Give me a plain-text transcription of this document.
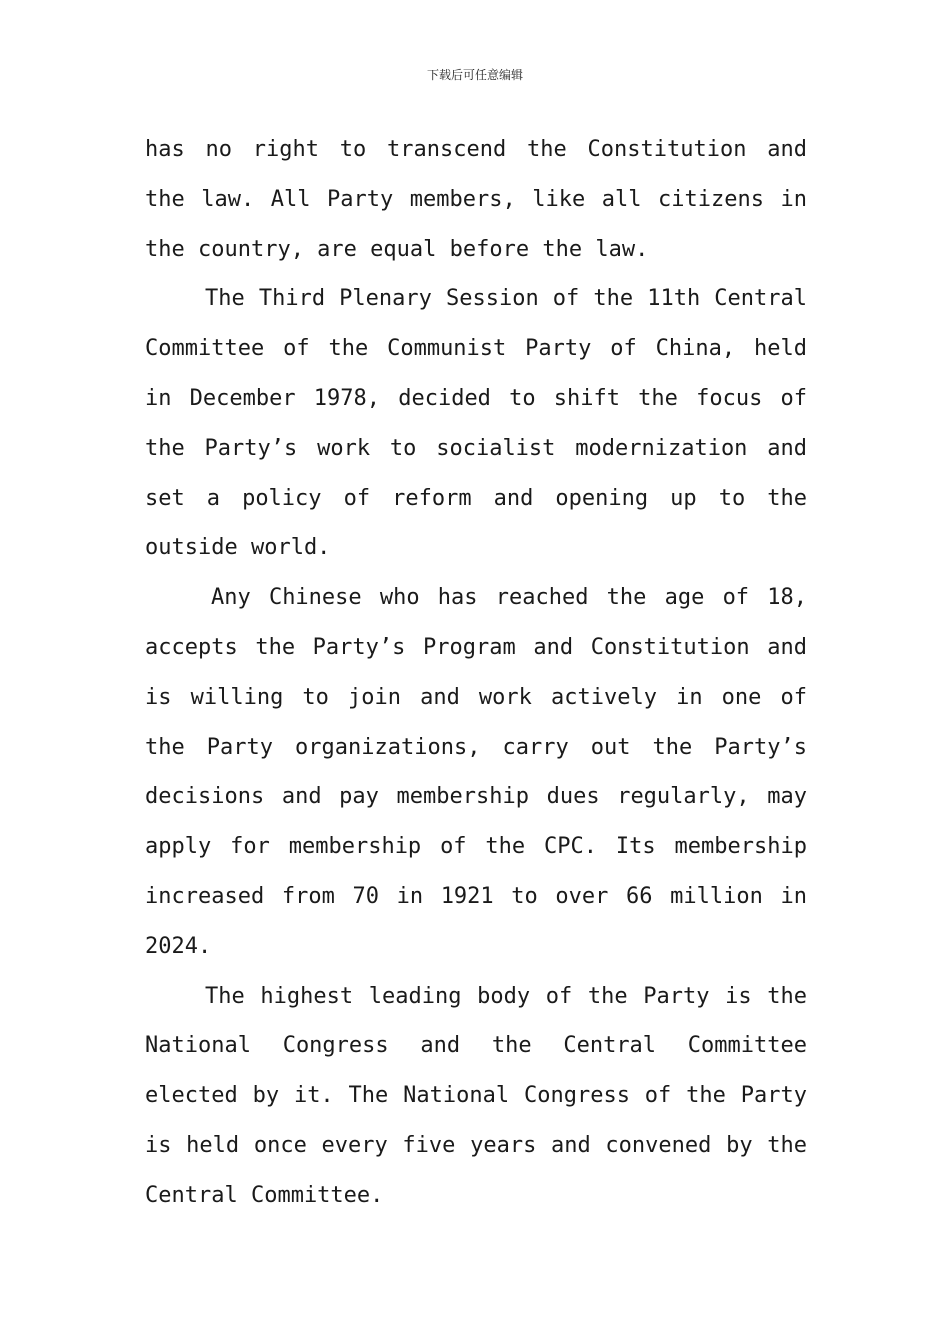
下载后可任意编辑

has no right to transcend the Constitution and the law. All Party members, like all citizens in the country, are equal before the law.

The Third Plenary Session of the 11th Central Committee of the Communist Party of China, held in December 1978, decided to shift the focus of the Party’s work to socialist modernization and set a policy of reform and opening up to the outside world.

Any Chinese who has reached the age of 18, accepts the Party’s Program and Constitution and is willing to join and work actively in one of the Party organizations, carry out the Party’s decisions and pay membership dues regularly, may apply for membership of the CPC. Its membership increased from 70 in 1921 to over 66 million in 2024.

The highest leading body of the Party is the National Congress and the Central Committee elected by it. The National Congress of the Party is held once every five years and convened by the Central Committee.
